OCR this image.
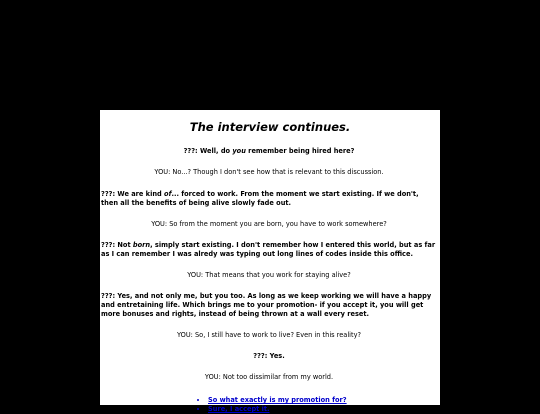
The interview continues.
???: Well, do you remember being hired here?
YOU: No...? Though I don't see how that is relevant to this discussion.
???: We are kind of... forced to work. From the moment we start existing. If we don't, then all the benefits of being alive slowly fade out.
YOU: So from the moment you are born, you have to work somewhere?
???: Not born, simply start existing. I don't remember how I entered this world, but as far as I can remember I was alredy was typing out long lines of codes inside this office.
YOU: That means that you work for staying alive?
???: Yes, and not only me, but you too. As long as we keep working we will have a happy and entretaining life. Which brings me to your promotion- if you accept it, you will get more bonuses and rights, instead of being thrown at a wall every reset.
YOU: So, I still have to work to live? Even in this reality?
???: Yes.
YOU: Not too dissimilar from my world.
• So what exactly is my promotion for?
• Sure, I accept it.
